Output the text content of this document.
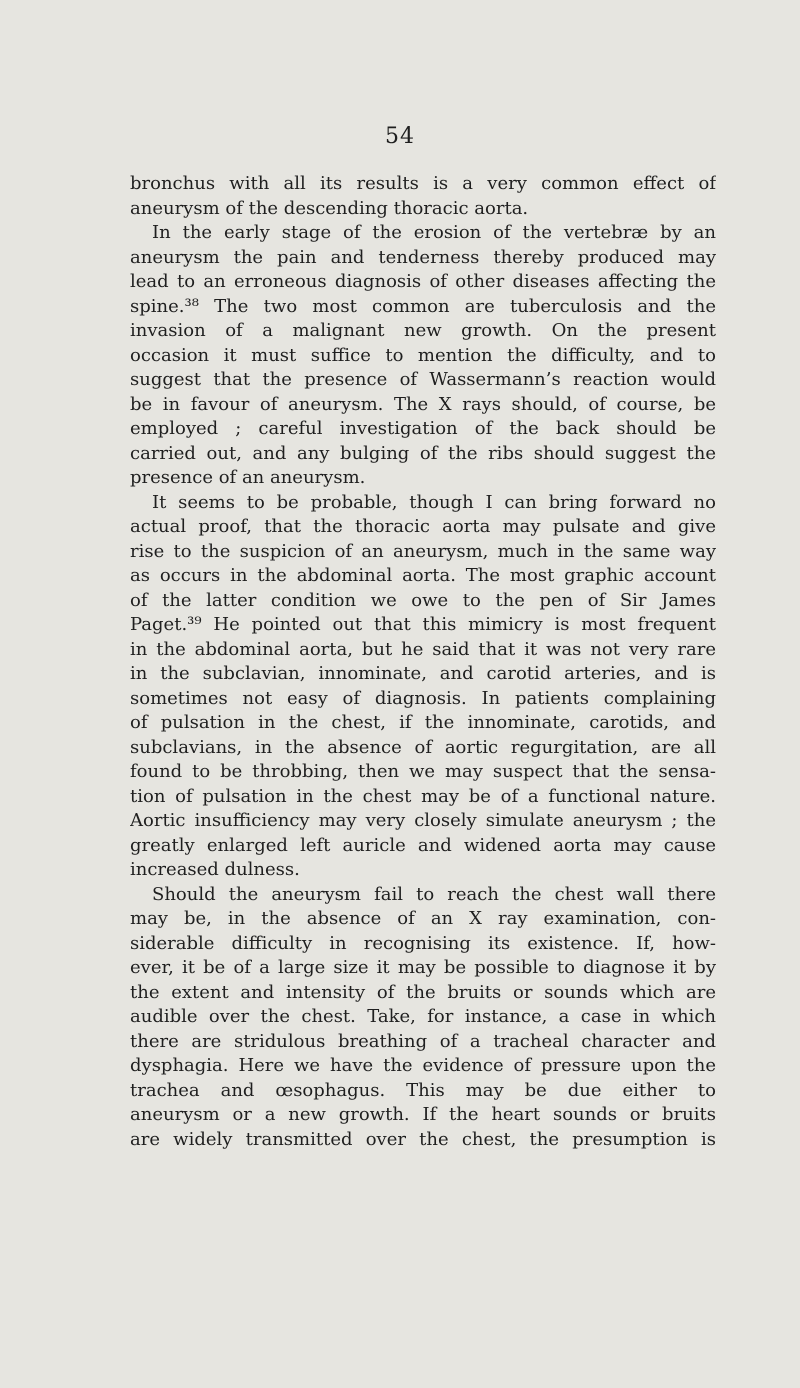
54
bronchus with all its results is a very common effect of
aneurysm of the descending thoracic aorta.
In the early stage of the erosion of the vertebræ by an
aneurysm the pain and tenderness thereby produced may
lead to an erroneous diagnosis of other diseases affecting the
spine.³⁸ The two most common are tuberculosis and the
invasion of a malignant new growth. On the present
occasion it must suffice to mention the difficulty, and to
suggest that the presence of Wassermann’s reaction would
be in favour of aneurysm. The X rays should, of course, be
employed ; careful investigation of the back should be
carried out, and any bulging of the ribs should suggest the
presence of an aneurysm.
It seems to be probable, though I can bring forward no
actual proof, that the thoracic aorta may pulsate and give
rise to the suspicion of an aneurysm, much in the same way
as occurs in the abdominal aorta. The most graphic account
of the latter condition we owe to the pen of Sir James
Paget.³⁹ He pointed out that this mimicry is most frequent
in the abdominal aorta, but he said that it was not very rare
in the subclavian, innominate, and carotid arteries, and is
sometimes not easy of diagnosis. In patients complaining
of pulsation in the chest, if the innominate, carotids, and
subclavians, in the absence of aortic regurgitation, are all
found to be throbbing, then we may suspect that the sensa-
tion of pulsation in the chest may be of a functional nature.
Aortic insufficiency may very closely simulate aneurysm ; the
greatly enlarged left auricle and widened aorta may cause
increased dulness.
Should the aneurysm fail to reach the chest wall there
may be, in the absence of an X ray examination, con-
siderable difficulty in recognising its existence. If, how-
ever, it be of a large size it may be possible to diagnose it by
the extent and intensity of the bruits or sounds which are
audible over the chest. Take, for instance, a case in which
there are stridulous breathing of a tracheal character and
dysphagia. Here we have the evidence of pressure upon the
trachea and œsophagus. This may be due either to
aneurysm or a new growth. If the heart sounds or bruits
are widely transmitted over the chest, the presumption is
